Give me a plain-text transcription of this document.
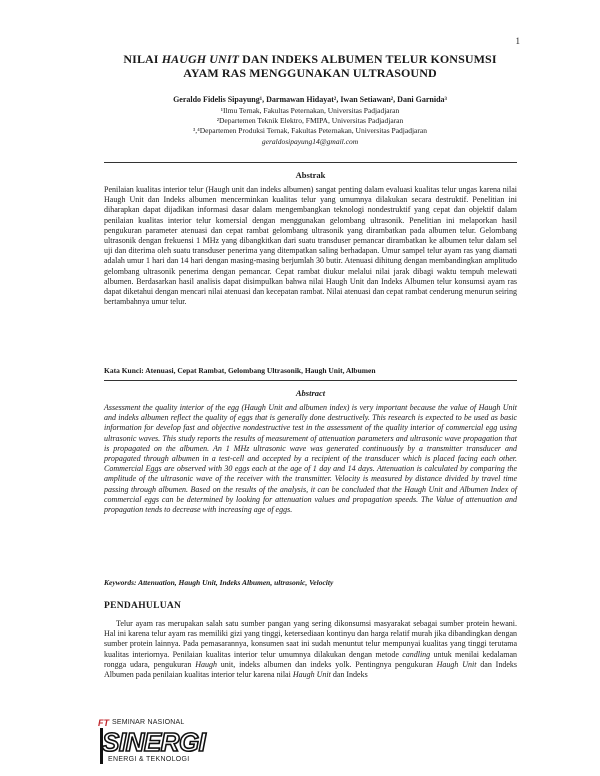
1
NILAI HAUGH UNIT DAN INDEKS ALBUMEN TELUR KONSUMSI
AYAM RAS MENGGUNAKAN ULTRASOUND
Geraldo Fidelis Sipayung¹, Darmawan Hidayat², Iwan Setiawan², Dani Garnida³
¹Ilmu Ternak, Fakultas Peternakan, Universitas Padjadjaran
²Departemen Teknik Elektro, FMIPA, Universitas Padjadjaran
³,⁴Departemen Produksi Ternak, Fakultas Peternakan, Universitas Padjadjaran
geraldosipayung14@gmail.com
Abstrak

Penilaian kualitas interior telur (Haugh unit dan indeks albumen) sangat penting dalam evaluasi kualitas telur ungas karena nilai Haugh Unit dan Indeks albumen mencerminkan kualitas telur yang umumnya dilakukan secara destruktif. Penelitian ini diharapkan dapat dijadikan informasi dasar dalam mengembangkan teknologi nondestruktif yang cepat dan objektif dalam penilaian kualitas interior telur komersial dengan menggunakan gelombang ultrasonik. Penelitian ini melaporkan hasil pengukuran parameter atenuasi dan cepat rambat gelombang ultrasonik yang dirambatkan pada albumen telur. Gelombang ultrasonik dengan frekuensi 1 MHz yang dibangkitkan dari suatu transduser pemancar dirambatkan ke albumen telur dalam sel uji dan diterima oleh suatu transduser penerima yang ditempatkan saling berhadapan. Umur sampel telur ayam ras yang diamati adalah umur 1 hari dan 14 hari dengan masing-masing berjumlah 30 butir. Atenuasi dihitung dengan membandingkan amplitudo gelombang ultrasonik penerima dengan pemancar. Cepat rambat diukur melalui nilai jarak dibagi waktu tempuh melewati albumen. Berdasarkan hasil analisis dapat disimpulkan bahwa nilai Haugh Unit dan Indeks Albumen telur konsumsi ayam ras dapat diketahui dengan mencari nilai atenuasi dan kecepatan rambat. Nilai atenuasi dan cepat rambat cenderung menurun seiring bertambahnya umur telur.

Kata Kunci: Atenuasi, Cepat Rambat, Gelombang Ultrasonik, Haugh Unit, Albumen
Abstract

Assessment the quality interior of the egg (Haugh Unit and albumen index) is very important because the value of Haugh Unit and indeks albumen reflect the quality of eggs that is generally done destructively. This research is expected to be used as basic information for develop fast and objective nondestructive test in the assessment of the quality interior of commercial egg using ultrasonic waves. This study reports the results of measurement of attenuation parameters and ultrasonic wave propagation that is propagated on the albumen. An 1 MHz ultrasonic wave was generated continuously by a transmitter transducer and propagated through albumen in a test-cell and accepted by a recipient of the transducer which is placed facing each other. Commercial Eggs are observed with 30 eggs each at the age of 1 day and 14 days. Attenuation is calculated by comparing the amplitude of the ultrasonic wave of the receiver with the transmitter. Velocity is measured by distance divided by travel time passing through albumen. Based on the results of the analysis, it can be concluded that the Haugh Unit and Albumen Index of commercial eggs can be determined by looking for attenuation values and propagation speeds. The Value of attenuation and propagation tends to decrease with increasing age of eggs.

Keywords: Attenuation, Haugh Unit, Indeks Albumen, ultrasonic, Velocity
PENDAHULUAN

Telur ayam ras merupakan salah satu sumber pangan yang sering dikonsumsi masyarakat sebagai sumber protein hewani. Hal ini karena telur ayam ras memiliki gizi yang tinggi, ketersediaan kontinyu dan harga relatif murah jika dibandingkan dengan sumber protein lainnya. Pada pemasarannya, konsumen saat ini sudah menuntut telur mempunyai kualitas yang tinggi terutama kualitas interiornya. Penilaian kualitas interior telur umumnya dilakukan dengan metode candling untuk menilai kedalaman rongga udara, pengukuran Haugh unit, indeks albumen dan indeks yolk. Pentingnya pengukuran Haugh Unit dan Indeks Albumen pada penilaian kualitas interior telur karena nilai Haugh Unit dan Indeks

FT SEMINAR NASIONAL
SINERGI
ENERGI & TEKNOLOGI
